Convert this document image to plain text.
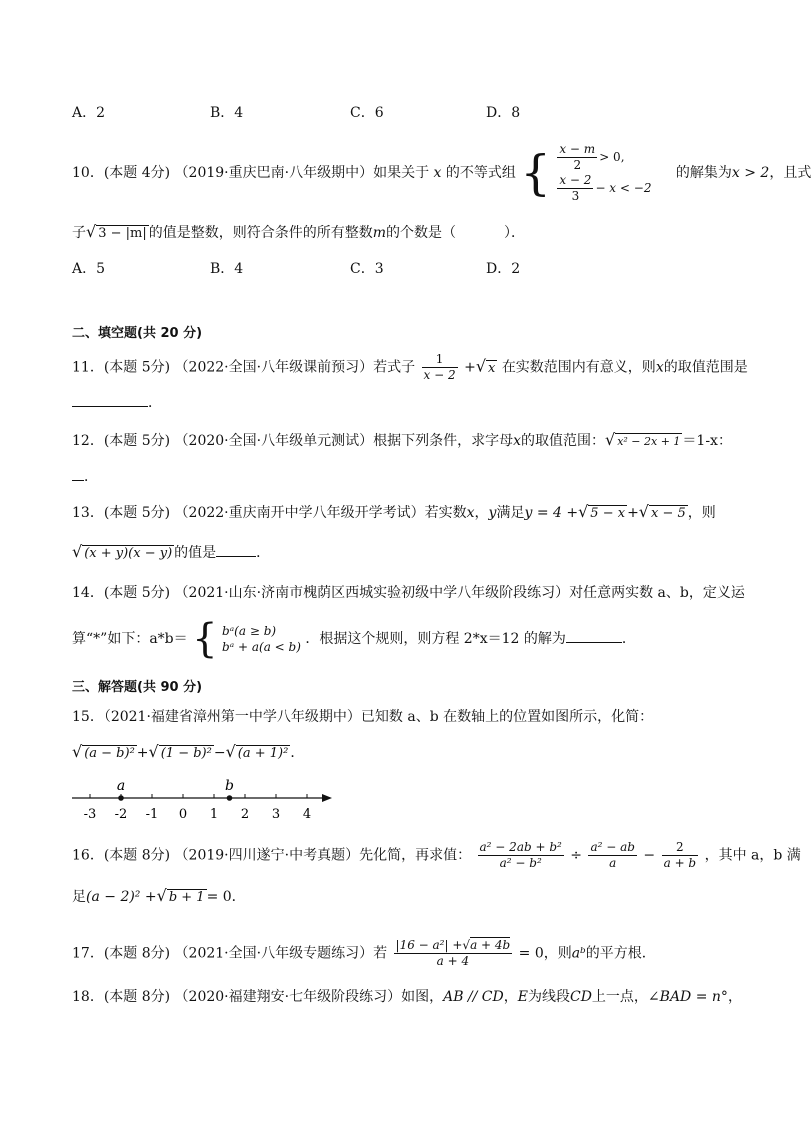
A．2	B．4	C．6	D．8
10．(本题 4分) （2019·重庆巴南·八年级期中）如果关于 x 的不等式组 { $\frac{x - m}{2} > 0$,

$\frac{x - 2}{3} - x < -2$ 的解集为x > 2，且式
子√ 3 − |m| 的值是整数，则符合条件的所有整数m的个数是（	）．
A．5	B．4	C．3	D．2
二、填空题(共 20 分)
11．(本题 5分) （2022·全国·八年级课前预习）若式子 $\frac{1}{x - 2}$ +√ x 在实数范围内有意义，则x的取值范围是
．
12．(本题 5分) （2020·全国·八年级单元测试）根据下列条件，求字母x的取值范围：√ x² − 2x + 1 ＝1-x：
．
13．(本题 5分) （2022·重庆南开中学八年级开学考试）若实数x，y满足y = 4 +√ 5 − x +√ x − 5 ，则
√ (x + y)(x − y) 的值是	．
14．(本题 5分) （2021·山东·济南市槐荫区西城实验初级中学八年级阶段练习）对任意两实数 a、b，定义运
算“*”如下：a*b＝ { bᵃ(a ≥ b)
bᵃ + a(a < b) ．根据这个规则，则方程 2*x＝12 的解为	．
三、解答题(共 90 分)
15．（2021·福建省漳州第一中学八年级期中）已知数 a、b 在数轴上的位置如图所示，化简：
√ (a − b)² +√ (1 − b)² −√ (a + 1)² ．
-3 -2 -1 0 1 2 3 4
a	b
16．(本题 8分) （2019·四川遂宁·中考真题）先化简，再求值： $\frac{\text{a² − 2ab + b²}}{\text{a² − b²}} \div \frac{\text{a² − ab}}{a} - \frac{2}{a + b}$ ，其中 a，b 满
足(a − 2)² +√ b + 1 = 0．
17．(本题 8分) （2021·全国·八年级专题练习）若 $\frac{\text{|16 − a²| +√a + 4b}}{a + 4} = 0$，则aᵇ的平方根．
18．(本题 8分) （2020·福建翔安·七年级阶段练习）如图，AB // CD，E为线段CD上一点，∠BAD = n°，
